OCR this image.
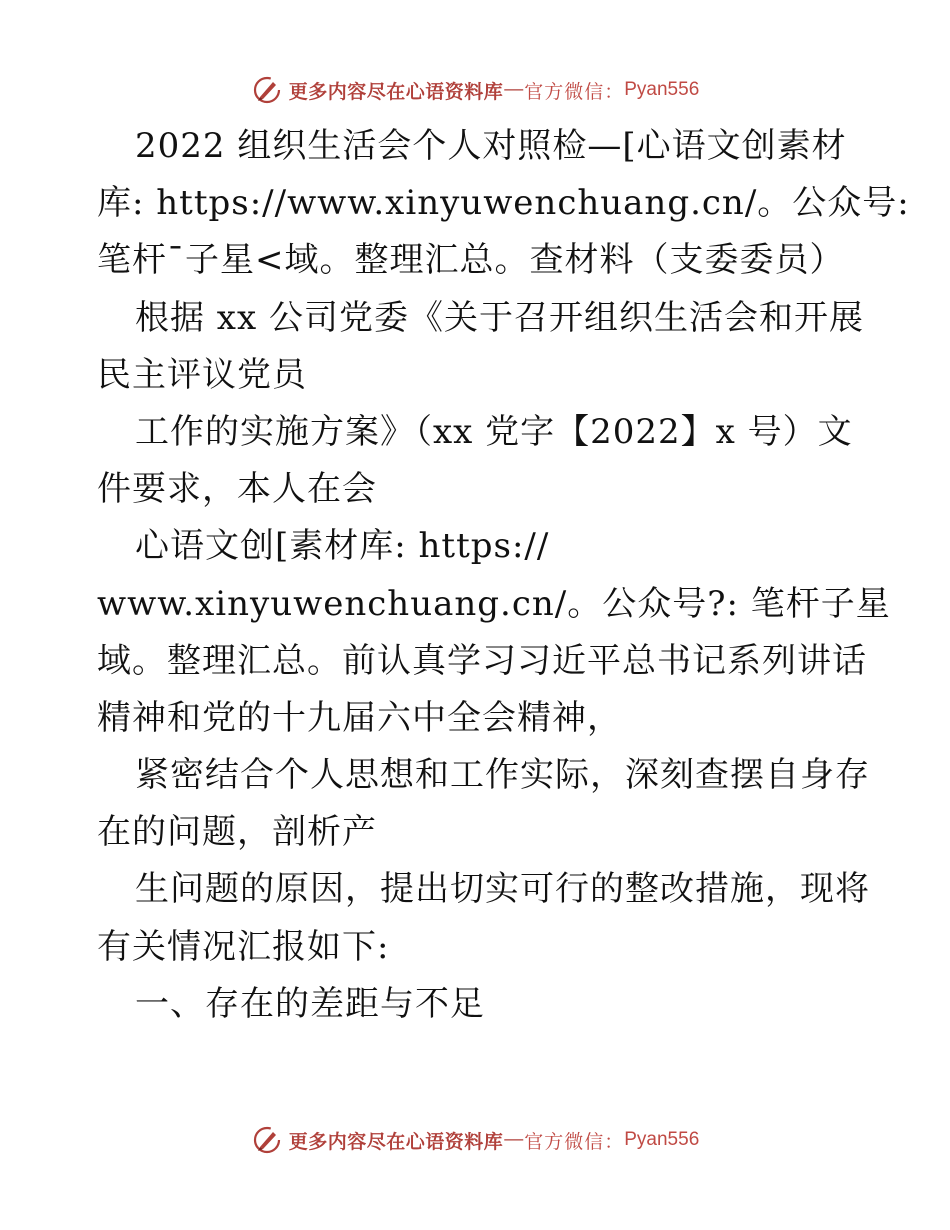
更多内容尽在心语资料库 — 官方微信： Pyan556
2022 组织生活会个人对照检—[心语文创素材
库: https://www.xinyuwenchuang.cn/。公众号:
笔杆¯子星<域。整理汇总。查材料（支委委员）
根据 xx 公司党委《关于召开组织生活会和开展
民主评议党员
工作的实施方案》（xx 党字【2022】x 号）文
件要求，本人在会
心语文创[素材库: https://
www.xinyuwenchuang.cn/。公众号?: 笔杆子星
域。整理汇总。前认真学习习近平总书记系列讲话
精神和党的十九届六中全会精神，
紧密结合个人思想和工作实际，深刻查摆自身存
在的问题，剖析产
生问题的原因，提出切实可行的整改措施，现将
有关情况汇报如下:
一、存在的差距与不足
更多内容尽在心语资料库 — 官方微信： Pyan556
